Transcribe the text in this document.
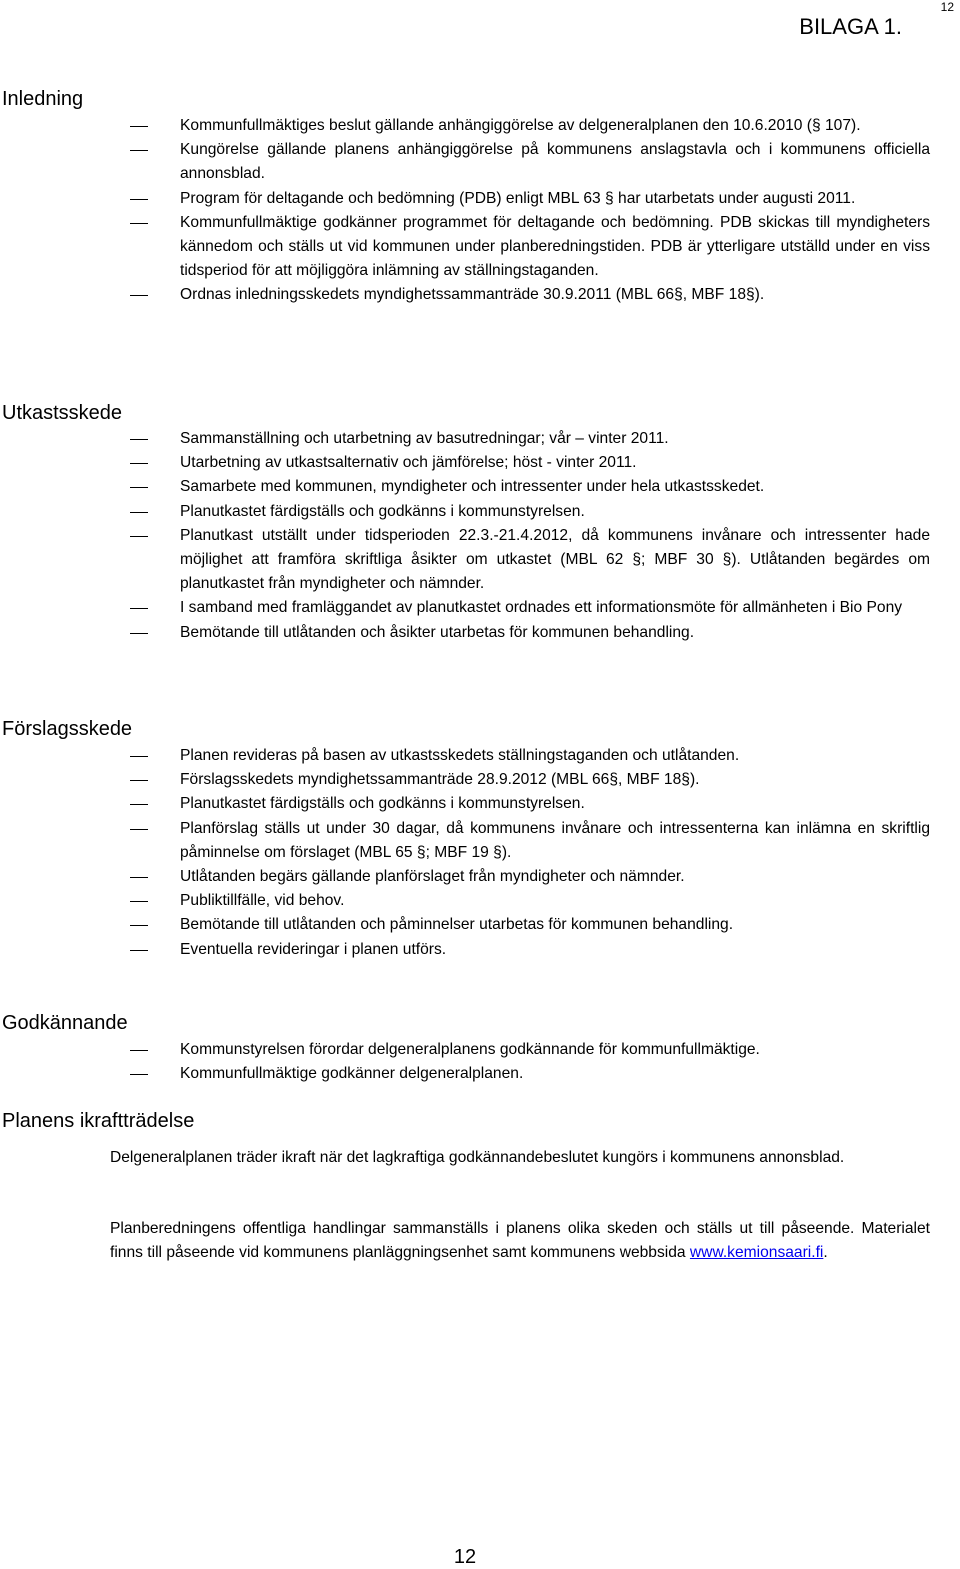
12
BILAGA 1.
Inledning
Kommunfullmäktiges beslut gällande anhängiggörelse av delgeneralplanen den 10.6.2010 (§ 107).
Kungörelse gällande planens anhängiggörelse på kommunens anslagstavla och i kommunens officiella annonsblad.
Program för deltagande och bedömning (PDB) enligt MBL 63 § har utarbetats under augusti 2011.
Kommunfullmäktige godkänner programmet för deltagande och bedömning. PDB skickas till myndigheters kännedom och ställs ut vid kommunen under planberedningstiden. PDB är ytterligare utställd under en viss tidsperiod för att möjliggöra inlämning av ställningstaganden.
Ordnas inledningsskedets myndighetssammanträde 30.9.2011 (MBL 66§, MBF 18§).
Utkastsskede
Sammanställning och utarbetning av basutredningar; vår – vinter 2011.
Utarbetning av utkastsalternativ och jämförelse; höst - vinter 2011.
Samarbete med kommunen, myndigheter och intressenter under hela utkastsskedet.
Planutkastet färdigställs och godkänns i kommunstyrelsen.
Planutkast utställt under tidsperioden 22.3.-21.4.2012, då kommunens invånare och intressenter hade möjlighet att framföra skriftliga åsikter om utkastet (MBL 62 §; MBF 30 §). Utlåtanden begärdes om planutkastet från myndigheter och nämnder.
I samband med framläggandet av planutkastet ordnades ett informationsmöte för allmänheten i Bio Pony
Bemötande till utlåtanden och åsikter utarbetas för kommunen behandling.
Förslagsskede
Planen revideras på basen av utkastsskedets ställningstaganden och utlåtanden.
Förslagsskedets myndighetssammanträde 28.9.2012 (MBL 66§, MBF 18§).
Planutkastet färdigställs och godkänns i kommunstyrelsen.
Planförslag ställs ut under 30 dagar, då kommunens invånare och intressenterna kan inlämna en skriftlig påminnelse om förslaget (MBL 65 §; MBF 19 §).
Utlåtanden begärs gällande planförslaget från myndigheter och nämnder.
Publiktillfälle, vid behov.
Bemötande till utlåtanden och påminnelser utarbetas för kommunen behandling.
Eventuella revideringar i planen utförs.
Godkännande
Kommunstyrelsen förordar delgeneralplanens godkännande för kommunfullmäktige.
Kommunfullmäktige godkänner delgeneralplanen.
Planens ikraftträdelse

Delgeneralplanen träder ikraft när det lagkraftiga godkännandebeslutet kungörs i kommunens annonsblad.

Planberedningens offentliga handlingar sammanställs i planens olika skeden och ställs ut till påseende. Materialet finns till påseende vid kommunens planläggningsenhet samt kommunens webbsida www.kemionsaari.fi.

12
